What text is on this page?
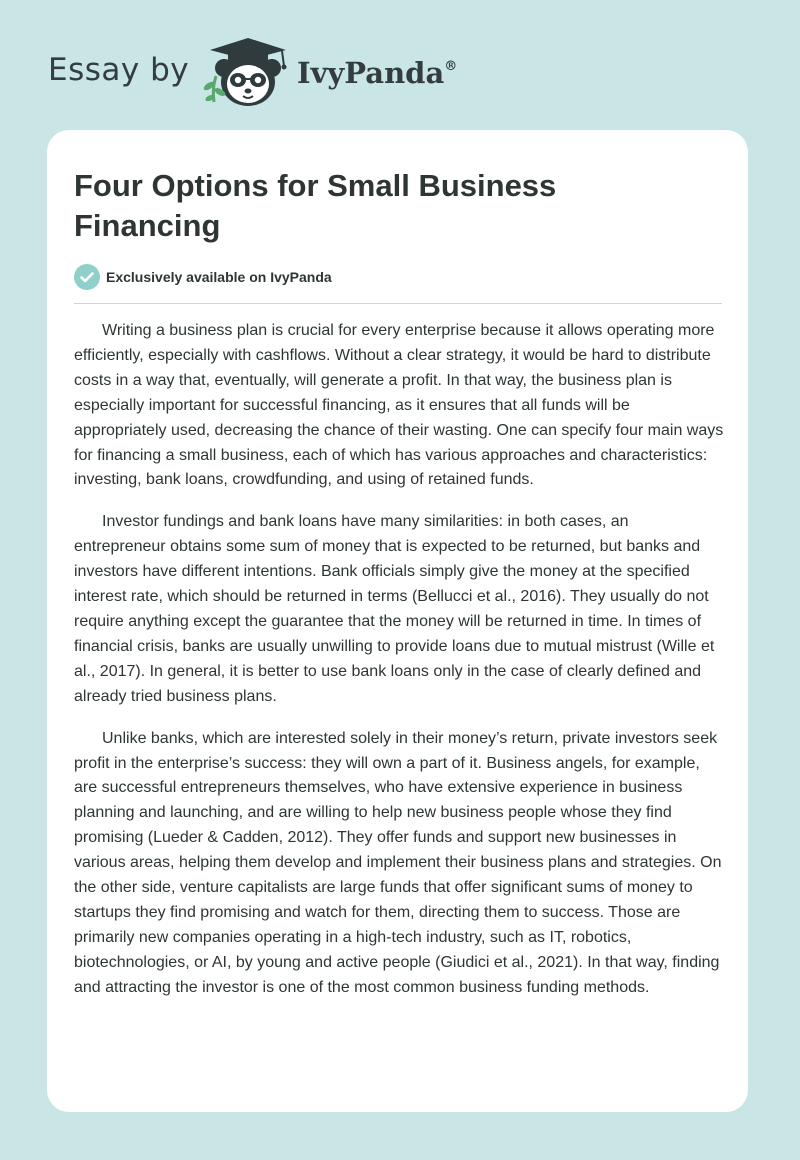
Essay by	IvyPanda®
Four Options for Small Business Financing
Exclusively available on IvyPanda

Writing a business plan is crucial for every enterprise because it allows operating more efficiently, especially with cashflows. Without a clear strategy, it would be hard to distribute costs in a way that, eventually, will generate a profit. In that way, the business plan is especially important for successful financing, as it ensures that all funds will be appropriately used, decreasing the chance of their wasting. One can specify four main ways for financing a small business, each of which has various approaches and characteristics: investing, bank loans, crowdfunding, and using of retained funds.

Investor fundings and bank loans have many similarities: in both cases, an entrepreneur obtains some sum of money that is expected to be returned, but banks and investors have different intentions. Bank officials simply give the money at the specified interest rate, which should be returned in terms (Bellucci et al., 2016). They usually do not require anything except the guarantee that the money will be returned in time. In times of financial crisis, banks are usually unwilling to provide loans due to mutual mistrust (Wille et al., 2017). In general, it is better to use bank loans only in the case of clearly defined and already tried business plans.

Unlike banks, which are interested solely in their money’s return, private investors seek profit in the enterprise’s success: they will own a part of it. Business angels, for example, are successful entrepreneurs themselves, who have extensive experience in business planning and launching, and are willing to help new business people whose they find promising (Lueder & Cadden, 2012). They offer funds and support new businesses in various areas, helping them develop and implement their business plans and strategies. On the other side, venture capitalists are large funds that offer significant sums of money to startups they find promising and watch for them, directing them to success. Those are primarily new companies operating in a high-tech industry, such as IT, robotics, biotechnologies, or AI, by young and active people (Giudici et al., 2021). In that way, finding and attracting the investor is one of the most common business funding methods.
